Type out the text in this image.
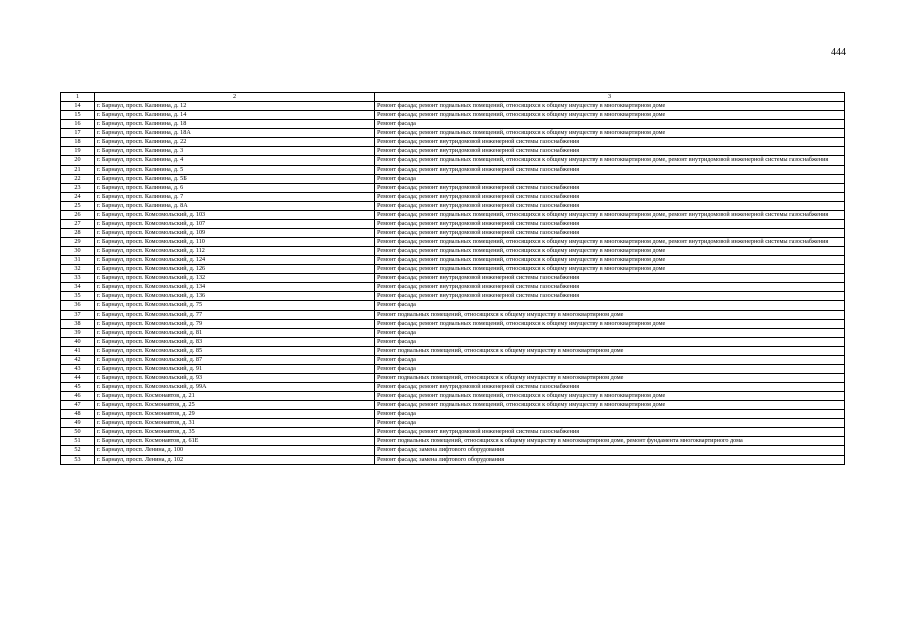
444
1	2	3
14	г. Барнаул, просп. Калинина, д. 12	Ремонт фасада; ремонт подвальных помещений, относящихся к общему имуществу в многоквартирном доме
15	г. Барнаул, просп. Калинина, д. 14	Ремонт фасада; ремонт подвальных помещений, относящихся к общему имуществу в многоквартирном доме
16	г. Барнаул, просп. Калинина, д. 18	Ремонт фасада
17	г. Барнаул, просп. Калинина, д. 18А	Ремонт фасада; ремонт подвальных помещений, относящихся к общему имуществу в многоквартирном доме
18	г. Барнаул, просп. Калинина, д. 22	Ремонт фасада; ремонт внутридомовой инженерной системы газоснабжения
19	г. Барнаул, просп. Калинина, д. 3	Ремонт фасада; ремонт внутридомовой инженерной системы газоснабжения
20	г. Барнаул, просп. Калинина, д. 4	Ремонт фасада; ремонт подвальных помещений, относящихся к общему имуществу в многоквартирном доме, ремонт внутридомовой инженерной системы газоснабжения
21	г. Барнаул, просп. Калинина, д. 5	Ремонт фасада; ремонт внутридомовой инженерной системы газоснабжения
22	г. Барнаул, просп. Калинина, д. 5Б	Ремонт фасада
23	г. Барнаул, просп. Калинина, д. 6	Ремонт фасада; ремонт внутридомовой инженерной системы газоснабжения
24	г. Барнаул, просп. Калинина, д. 7	Ремонт фасада; ремонт внутридомовой инженерной системы газоснабжения
25	г. Барнаул, просп. Калинина, д. 8А	Ремонт фасада; ремонт внутридомовой инженерной системы газоснабжения
26	г. Барнаул, просп. Комсомольский, д. 103	Ремонт фасада; ремонт подвальных помещений, относящихся к общему имуществу в многоквартирном доме, ремонт внутридомовой инженерной системы газоснабжения
27	г. Барнаул, просп. Комсомольский, д. 107	Ремонт фасада; ремонт внутридомовой инженерной системы газоснабжения
28	г. Барнаул, просп. Комсомольский, д. 109	Ремонт фасада; ремонт внутридомовой инженерной системы газоснабжения
29	г. Барнаул, просп. Комсомольский, д. 110	Ремонт фасада; ремонт подвальных помещений, относящихся к общему имуществу в многоквартирном доме, ремонт внутридомовой инженерной системы газоснабжения
30	г. Барнаул, просп. Комсомольский, д. 112	Ремонт фасада; ремонт подвальных помещений, относящихся к общему имуществу в многоквартирном доме
31	г. Барнаул, просп. Комсомольский, д. 124	Ремонт фасада; ремонт подвальных помещений, относящихся к общему имуществу в многоквартирном доме
32	г. Барнаул, просп. Комсомольский, д. 126	Ремонт фасада; ремонт подвальных помещений, относящихся к общему имуществу в многоквартирном доме
33	г. Барнаул, просп. Комсомольский, д. 132	Ремонт фасада; ремонт внутридомовой инженерной системы газоснабжения
34	г. Барнаул, просп. Комсомольский, д. 134	Ремонт фасада; ремонт внутридомовой инженерной системы газоснабжения
35	г. Барнаул, просп. Комсомольский, д. 136	Ремонт фасада; ремонт внутридомовой инженерной системы газоснабжения
36	г. Барнаул, просп. Комсомольский, д. 75	Ремонт фасада
37	г. Барнаул, просп. Комсомольский, д. 77	Ремонт подвальных помещений, относящихся к общему имуществу в многоквартирном доме
38	г. Барнаул, просп. Комсомольский, д. 79	Ремонт фасада; ремонт подвальных помещений, относящихся к общему имуществу в многоквартирном доме
39	г. Барнаул, просп. Комсомольский, д. 81	Ремонт фасада
40	г. Барнаул, просп. Комсомольский, д. 83	Ремонт фасада
41	г. Барнаул, просп. Комсомольский, д. 85	Ремонт подвальных помещений, относящихся к общему имуществу в многоквартирном доме
42	г. Барнаул, просп. Комсомольский, д. 87	Ремонт фасада
43	г. Барнаул, просп. Комсомольский, д. 91	Ремонт фасада
44	г. Барнаул, просп. Комсомольский, д. 93	Ремонт подвальных помещений, относящихся к общему имуществу в многоквартирном доме
45	г. Барнаул, просп. Комсомольский, д. 99А	Ремонт фасада; ремонт внутридомовой инженерной системы газоснабжения
46	г. Барнаул, просп. Космонавтов, д. 21	Ремонт фасада; ремонт подвальных помещений, относящихся к общему имуществу в многоквартирном доме
47	г. Барнаул, просп. Космонавтов, д. 25	Ремонт фасада; ремонт подвальных помещений, относящихся к общему имуществу в многоквартирном доме
48	г. Барнаул, просп. Космонавтов, д. 29	Ремонт фасада
49	г. Барнаул, просп. Космонавтов, д. 31	Ремонт фасада
50	г. Барнаул, просп. Космонавтов, д. 35	Ремонт фасада; ремонт внутридомовой инженерной системы газоснабжения
51	г. Барнаул, просп. Космонавтов, д. 61Е	Ремонт подвальных помещений, относящихся к общему имуществу в многоквартирном доме, ремонт фундамента многоквартирного дома
52	г. Барнаул, просп. Ленина, д. 100	Ремонт фасада; замена лифтового оборудования
53	г. Барнаул, просп. Ленина, д. 102	Ремонт фасада; замена лифтового оборудования
